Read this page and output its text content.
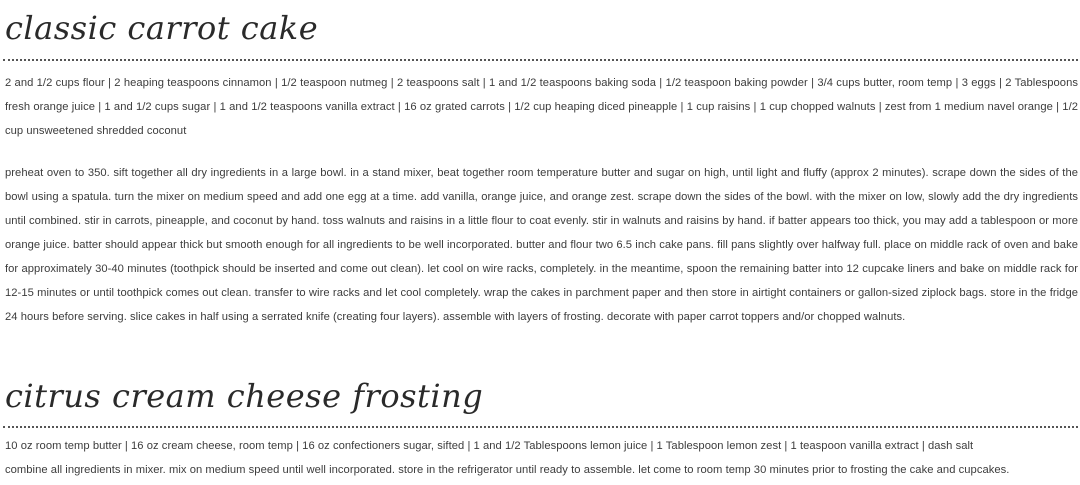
classic carrot cake

2 and 1/2 cups flour | 2 heaping teaspoons cinnamon | 1/2 teaspoon nutmeg | 2 teaspoons salt | 1 and 1/2 teaspoons baking soda | 1/2 teaspoon baking powder | 3/4 cups butter, room temp | 3 eggs | 2 Tablespoons fresh orange juice | 1 and 1/2 cups sugar | 1 and 1/2 teaspoons vanilla extract | 16 oz grated carrots | 1/2 cup heaping diced pineapple | 1 cup raisins | 1 cup chopped walnuts | zest from 1 medium navel orange | 1/2 cup unsweetened shredded coconut

preheat oven to 350. sift together all dry ingredients in a large bowl. in a stand mixer, beat together room temperature butter and sugar on high, until light and fluffy (approx 2 minutes). scrape down the sides of the bowl using a spatula. turn the mixer on medium speed and add one egg at a time. add vanilla, orange juice, and orange zest. scrape down the sides of the bowl. with the mixer on low, slowly add the dry ingredients until combined. stir in carrots, pineapple, and coconut by hand. toss walnuts and raisins in a little flour to coat evenly. stir in walnuts and raisins by hand. if batter appears too thick, you may add a tablespoon or more orange juice. batter should appear thick but smooth enough for all ingredients to be well incorporated. butter and flour two 6.5 inch cake pans. fill pans slightly over halfway full. place on middle rack of oven and bake for approximately 30-40 minutes (toothpick should be inserted and come out clean). let cool on wire racks, completely. in the meantime, spoon the remaining batter into 12 cupcake liners and bake on middle rack for 12-15 minutes or until toothpick comes out clean. transfer to wire racks and let cool completely. wrap the cakes in parchment paper and then store in airtight containers or gallon-sized ziplock bags. store in the fridge 24 hours before serving. slice cakes in half using a serrated knife (creating four layers). assemble with layers of frosting. decorate with paper carrot toppers and/or chopped walnuts.

citrus cream cheese frosting

10 oz room temp butter | 16 oz cream cheese, room temp | 16 oz confectioners sugar, sifted | 1 and 1/2 Tablespoons lemon juice | 1 Tablespoon lemon zest | 1 teaspoon vanilla extract | dash salt

combine all ingredients in mixer. mix on medium speed until well incorporated. store in the refrigerator until ready to assemble. let come to room temp 30 minutes prior to frosting the cake and cupcakes.
